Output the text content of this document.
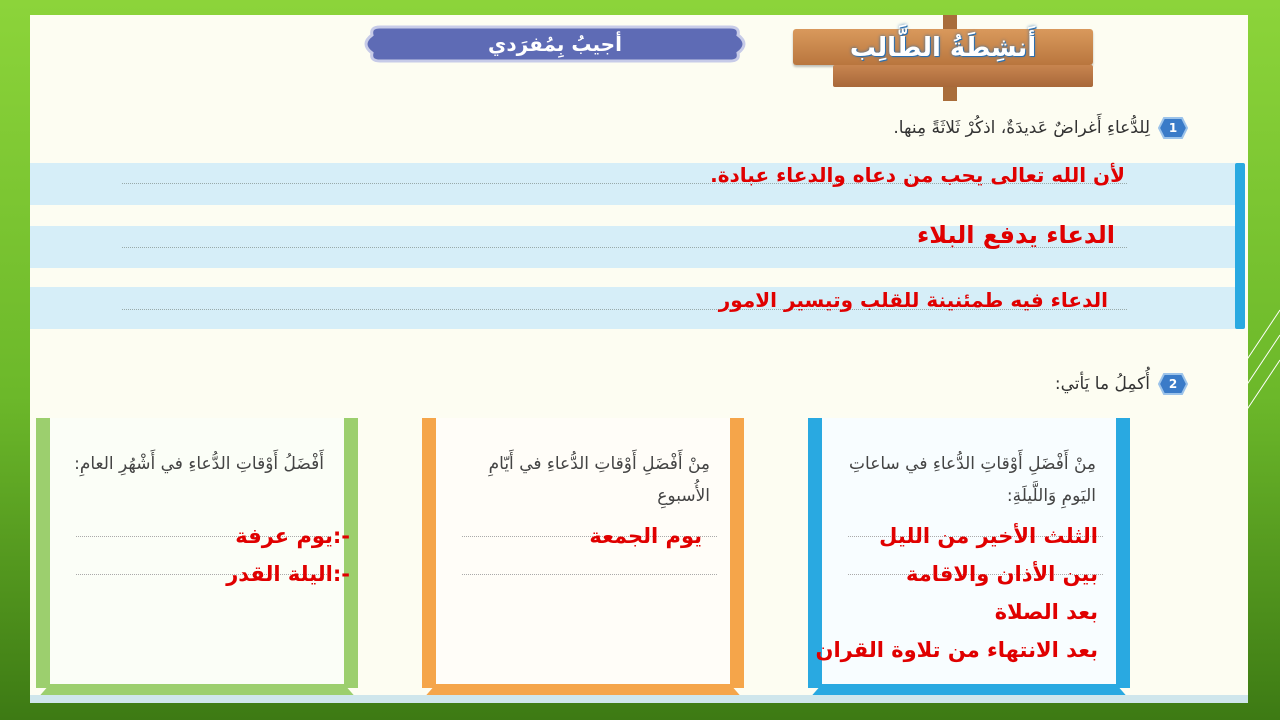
أجيبُ بِمُفرَدي	أَنشِطَةُ الطَّالِب
1
لِلدُّعاءِ أَغراضٌ عَديدَةٌ، اذكُرْ ثَلاثَةً مِنها.
لأن الله تعالى يحب من دعاه والدعاء عبادة.
الدعاء يدفع البلاء
الدعاء فيه طمئنينة للقلب وتيسير الامور
2
أُكمِلُ ما يَأتي:
مِنْ أَفْضَلِ أَوْقاتِ الدُّعاءِ في ساعاتِ اليَومِ وَاللَّيلَةِ:
الثلث الأخير من الليل
بين الأذان والاقامة
بعد الصلاة
بعد الانتهاء من تلاوة القران
مِنْ أَفْضَلِ أَوْقاتِ الدُّعاءِ في أَيّامِ الأُسبوعِ
يوم الجمعة
أَفْضَلُ أَوْقاتِ الدُّعاءِ في أَشْهُرِ العامِ:
-:يوم عرفة
-:اليلة القدر
